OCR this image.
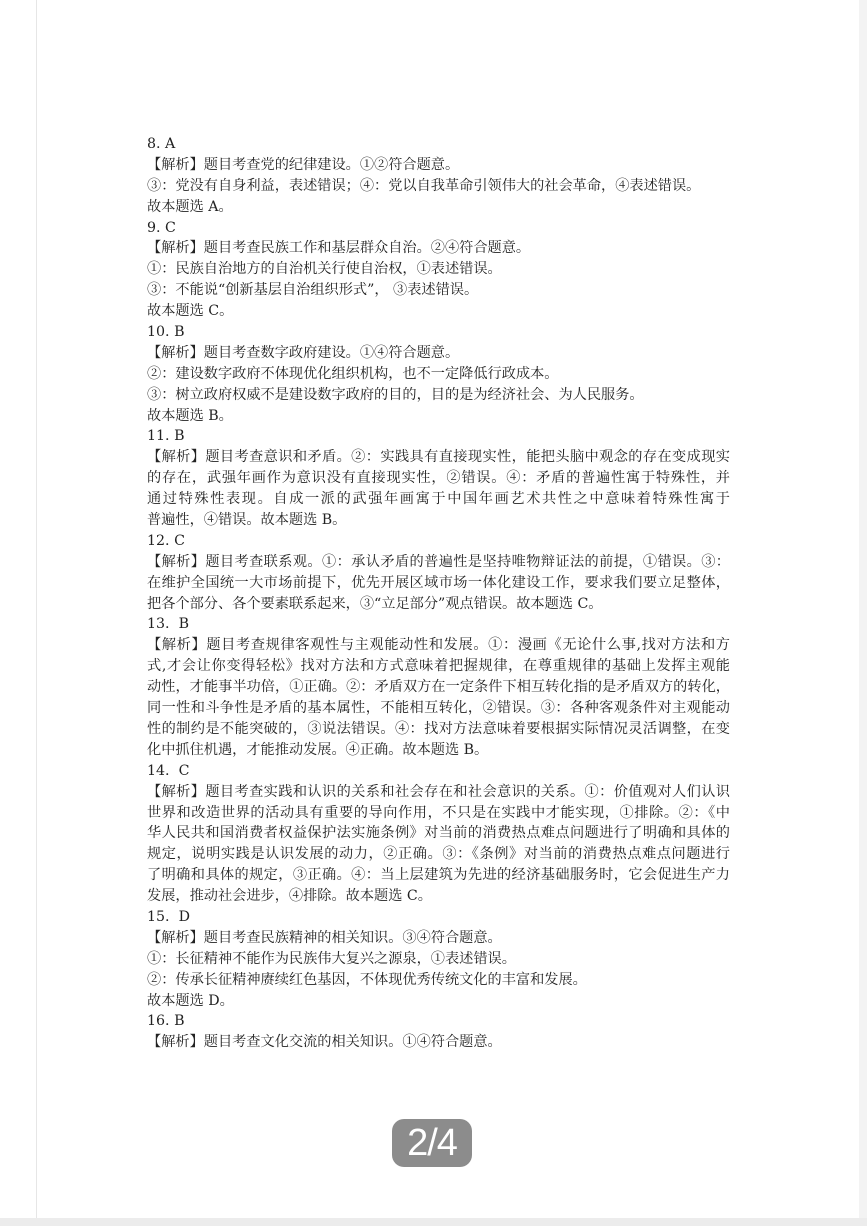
8. A
【解析】题目考查党的纪律建设。①②符合题意。
③：党没有自身利益，表述错误；④：党以自我革命引领伟大的社会革命，④表述错误。
故本题选 A。
9. C
【解析】题目考查民族工作和基层群众自治。②④符合题意。
①：民族自治地方的自治机关行使自治权，①表述错误。
③：不能说“创新基层自治组织形式”， ③表述错误。
故本题选 C。
10. B
【解析】题目考查数字政府建设。①④符合题意。
②：建设数字政府不体现优化组织机构，也不一定降低行政成本。
③：树立政府权威不是建设数字政府的目的，目的是为经济社会、为人民服务。
故本题选 B。
11. B
【解析】题目考查意识和矛盾。②：实践具有直接现实性，能把头脑中观念的存在变成现实
的存在，武强年画作为意识没有直接现实性，②错误。④：矛盾的普遍性寓于特殊性，并
通过特殊性表现。自成一派的武强年画寓于中国年画艺术共性之中意味着特殊性寓于
普遍性，④错误。故本题选 B。
12. C
【解析】题目考查联系观。①：承认矛盾的普遍性是坚持唯物辩证法的前提，①错误。③：
在维护全国统一大市场前提下，优先开展区域市场一体化建设工作，要求我们要立足整体，
把各个部分、各个要素联系起来，③“立足部分”观点错误。故本题选 C。
13.  B
【解析】题目考查规律客观性与主观能动性和发展。①：漫画《无论什么事,找对方法和方
式,才会让你变得轻松》找对方法和方式意味着把握规律，在尊重规律的基础上发挥主观能
动性，才能事半功倍，①正确。②：矛盾双方在一定条件下相互转化指的是矛盾双方的转化，
同一性和斗争性是矛盾的基本属性，不能相互转化，②错误。③：各种客观条件对主观能动
性的制约是不能突破的，③说法错误。④：找对方法意味着要根据实际情况灵活调整，在变
化中抓住机遇，才能推动发展。④正确。故本题选 B。
14.  C
【解析】题目考查实践和认识的关系和社会存在和社会意识的关系。①：价值观对人们认识
世界和改造世界的活动具有重要的导向作用，不只是在实践中才能实现，①排除。②：《中
华人民共和国消费者权益保护法实施条例》对当前的消费热点难点问题进行了明确和具体的
规定，说明实践是认识发展的动力，②正确。③：《条例》对当前的消费热点难点问题进行
了明确和具体的规定，③正确。④：当上层建筑为先进的经济基础服务时，它会促进生产力
发展，推动社会进步，④排除。故本题选 C。
15.  D
【解析】题目考查民族精神的相关知识。③④符合题意。
①：长征精神不能作为民族伟大复兴之源泉，①表述错误。
②：传承长征精神赓续红色基因，不体现优秀传统文化的丰富和发展。
故本题选 D。
16. B
【解析】题目考查文化交流的相关知识。①④符合题意。
2/4
